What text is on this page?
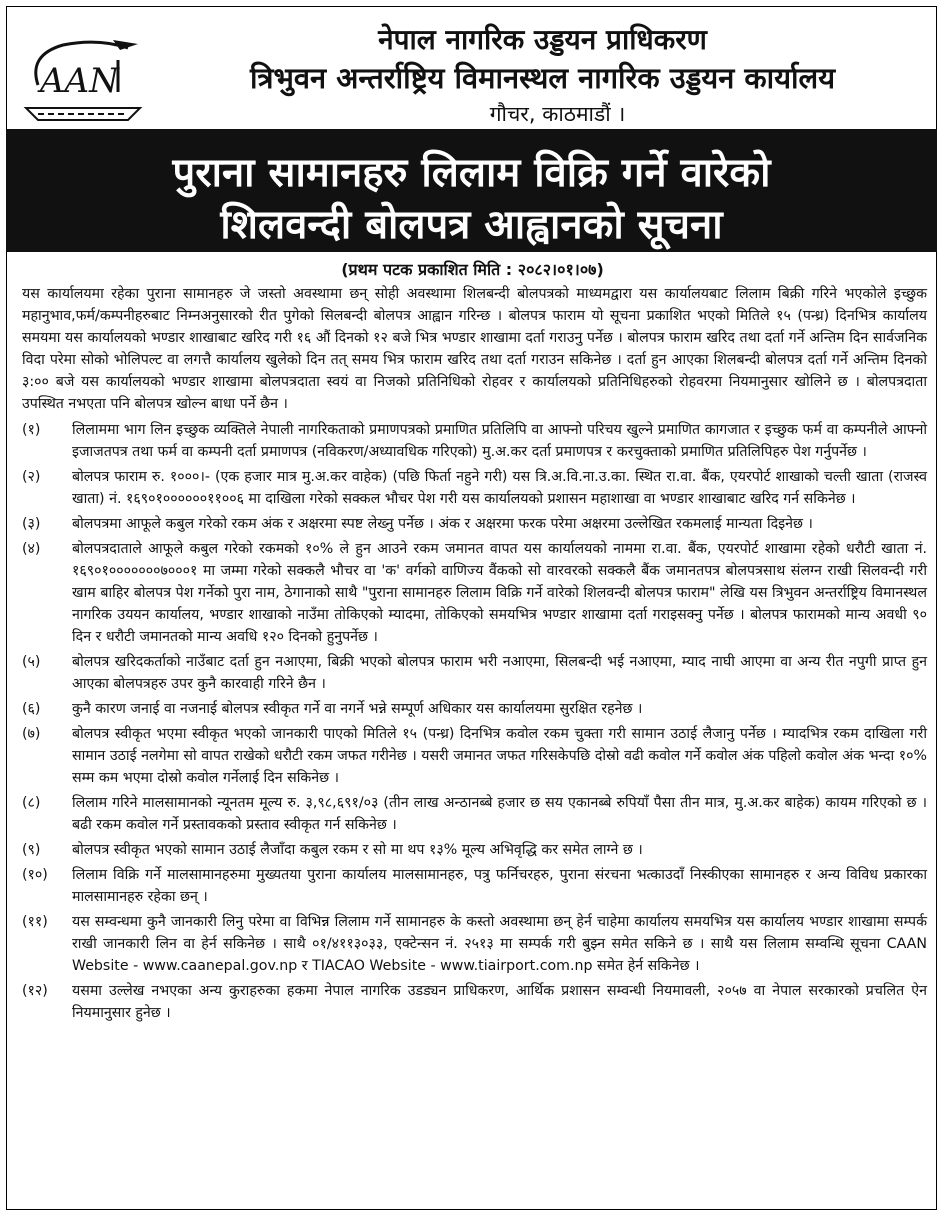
AAN
नेपाल नागरिक उड्डयन प्राधिकरण
त्रिभुवन अन्तर्राष्ट्रिय विमानस्थल नागरिक उड्डयन कार्यालय
गौचर, काठमाडौं ।
पुराना सामानहरु लिलाम विक्रि गर्ने वारेको
शिलवन्दी बोलपत्र आह्वानको सूचना
(प्रथम पटक प्रकाशित मिति : २०८२।०१।०७)

यस कार्यालयमा रहेका पुराना सामानहरु जे जस्तो अवस्थामा छन् सोही अवस्थामा शिलबन्दी बोलपत्रको माध्यमद्वारा यस कार्यालयबाट लिलाम बिक्री गरिने भएकोले इच्छुक महानुभाव,फर्म/कम्पनीहरुबाट निम्नअनुसारको रीत पुगेको सिलबन्दी बोलपत्र आह्वान गरिन्छ । बोलपत्र फाराम यो सूचना प्रकाशित भएको मितिले १५ (पन्ध्र) दिनभित्र कार्यालय समयमा यस कार्यालयको भण्डार शाखाबाट खरिद गरी १६ औं दिनको १२ बजे भित्र भण्डार शाखामा दर्ता गराउनु पर्नेछ । बोलपत्र फाराम खरिद तथा दर्ता गर्ने अन्तिम दिन सार्वजनिक विदा परेमा सोको भोलिपल्ट वा लगत्तै कार्यालय खुलेको दिन तत् समय भित्र फाराम खरिद तथा दर्ता गराउन सकिनेछ । दर्ता हुन आएका शिलबन्दी बोलपत्र दर्ता गर्ने अन्तिम दिनको ३:०० बजे यस कार्यालयको भण्डार शाखामा बोलपत्रदाता स्वयं वा निजको प्रतिनिधिको रोहवर र कार्यालयको प्रतिनिधिहरुको रोहवरमा नियमानुसार खोलिने छ । बोलपत्रदाता उपस्थित नभएता पनि बोलपत्र खोल्न बाधा पर्ने छैन ।

(१)	लिलाममा भाग लिन इच्छुक व्यक्तिले नेपाली नागरिकताको प्रमाणपत्रको प्रमाणित प्रतिलिपि वा आफ्नो परिचय खुल्ने प्रमाणित कागजात र इच्छुक फर्म वा कम्पनीले आफ्नो इजाजतपत्र तथा फर्म वा कम्पनी दर्ता प्रमाणपत्र (नविकरण/अध्यावधिक गरिएको) मु.अ.कर दर्ता प्रमाणपत्र र करचुक्ताको प्रमाणित प्रतिलिपिहरु पेश गर्नुपर्नेछ ।
(२)	बोलपत्र फाराम रु. १०००।- (एक हजार मात्र मु.अ.कर वाहेक) (पछि फिर्ता नहुने गरी) यस त्रि.अ.वि.ना.उ.का. स्थित रा.वा. बैंक, एयरपोर्ट शाखाको चल्ती खाता (राजस्व खाता) नं. १६९०१००००००११००६ मा दाखिला गरेको सक्कल भौचर पेश गरी यस कार्यालयको प्रशासन महाशाखा वा भण्डार शाखाबाट खरिद गर्न सकिनेछ ।
(३)	बोलपत्रमा आफूले कबुल गरेको रकम अंक र अक्षरमा स्पष्ट लेख्नु पर्नेछ । अंक र अक्षरमा फरक परेमा अक्षरमा उल्लेखित रकमलाई मान्यता दिइनेछ ।
(४)	बोलपत्रदाताले आफूले कबुल गरेको रकमको १०% ले हुन आउने रकम जमानत वापत यस कार्यालयको नाममा रा.वा. बैंक, एयरपोर्ट शाखामा रहेको धरौटी खाता नं. १६९०१०००००००७०००१ मा जम्मा गरेको सक्कलै भौचर वा 'क' वर्गको वाणिज्य वैंकको सो वारवरको सक्कलै बैंक जमानतपत्र बोलपत्रसाथ संलग्न राखी सिलवन्दी गरी खाम बाहिर बोलपत्र पेश गर्नेको पुरा नाम, ठेगानाको साथै "पुराना सामानहरु लिलाम विक्रि गर्ने वारेको शिलवन्दी बोलपत्र फाराम" लेखि यस त्रिभुवन अन्तर्राष्ट्रिय विमानस्थल नागरिक उययन कार्यालय, भण्डार शाखाको नाउँमा तोकिएको म्यादमा, तोकिएको समयभित्र भण्डार शाखामा दर्ता गराइसक्नु पर्नेछ । बोलपत्र फारामको मान्य अवधी ९० दिन र धरौटी जमानतको मान्य अवधि १२० दिनको हुनुपर्नेछ ।
(५)	बोलपत्र खरिदकर्ताको नाउँबाट दर्ता हुन नआएमा, बिक्री भएको बोलपत्र फाराम भरी नआएमा, सिलबन्दी भई नआएमा, म्याद नाघी आएमा वा अन्य रीत नपुगी प्राप्त हुन आएका बोलपत्रहरु उपर कुनै कारवाही गरिने छैन ।
(६)	कुनै कारण जनाई वा नजनाई बोलपत्र स्वीकृत गर्ने वा नगर्ने भन्ने सम्पूर्ण अधिकार यस कार्यालयमा सुरक्षित रहनेछ ।
(७)	बोलपत्र स्वीकृत भएमा स्वीकृत भएको जानकारी पाएको मितिले १५ (पन्ध्र) दिनभित्र कवोल रकम चुक्ता गरी सामान उठाई लैजानु पर्नेछ । म्यादभित्र रकम दाखिला गरी सामान उठाई नलगेमा सो वापत राखेको धरौटी रकम जफत गरीनेछ । यसरी जमानत जफत गरिसकेपछि दोस्रो वढी कवोल गर्ने कवोल अंक पहिलो कवोल अंक भन्दा १०% सम्म कम भएमा दोस्रो कवोल गर्नेलाई दिन सकिनेछ ।
(८)	लिलाम गरिने मालसामानको न्यूनतम मूल्य रु. ३,९८,६९१/०३ (तीन लाख अन्ठानब्बे हजार छ सय एकानब्बे रुपियाँ पैसा तीन मात्र, मु.अ.कर बाहेक) कायम गरिएको छ । बढी रकम कवोल गर्ने प्रस्तावकको प्रस्ताव स्वीकृत गर्न सकिनेछ ।
(९)	बोलपत्र स्वीकृत भएको सामान उठाई लैजाँदा कबुल रकम र सो मा थप १३% मूल्य अभिवृद्धि कर समेत लाग्ने छ ।
(१०)	लिलाम विक्रि गर्ने मालसामानहरुमा मुख्यतया पुराना कार्यालय मालसामानहरु, पत्रु फर्निचरहरु, पुराना संरचना भत्काउदाँ निस्कीएका सामानहरु र अन्य विविध प्रकारका मालसामानहरु रहेका छन् ।
(११)	यस सम्वन्धमा कुनै जानकारी लिनु परेमा वा विभिन्न लिलाम गर्ने सामानहरु के कस्तो अवस्थामा छन् हेर्न चाहेमा कार्यालय समयभित्र यस कार्यालय भण्डार शाखामा सम्पर्क राखी जानकारी लिन वा हेर्न सकिनेछ । साथै ०१/४११३०३३, एक्टेन्सन नं. २५१३ मा सम्पर्क गरी बुझ्न समेत सकिने छ । साथै यस लिलाम सम्वन्धि सूचना CAAN Website - www.caanepal.gov.np र TIACAO Website - www.tiairport.com.np समेत हेर्न सकिनेछ ।
(१२)	यसमा उल्लेख नभएका अन्य कुराहरुका हकमा नेपाल नागरिक उडड्यन प्राधिकरण, आर्थिक प्रशासन सम्वन्धी नियमावली, २०५७ वा नेपाल सरकारको प्रचलित ऐन नियमानुसार हुनेछ ।
